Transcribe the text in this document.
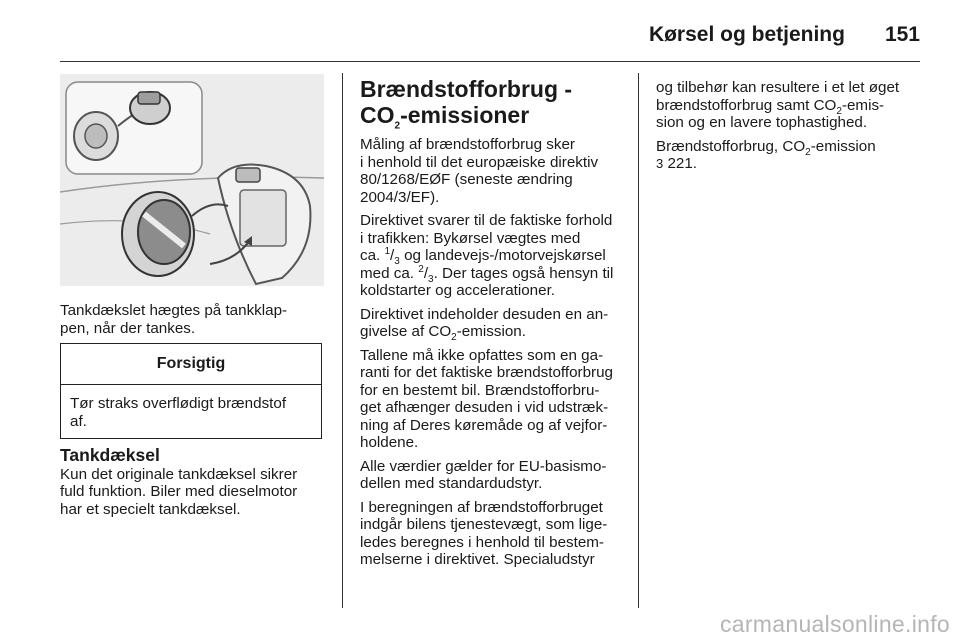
Kørsel og betjening 151
Tankdækslet hægtes på tankklap-
pen, når der tankes.
Forsigtig
Tør straks overflødigt brændstof
af.
Tankdæksel
Kun det originale tankdæksel sikrer
fuld funktion. Biler med dieselmotor
har et specielt tankdæksel.
Brændstofforbrug -
$CO_2$-emissioner

Måling af brændstofforbrug sker
i henhold til det europæiske direktiv
80/1268/EØF (seneste ændring
2004/3/EF).

Direktivet svarer til de faktiske forhold
i trafikken: Bykørsel vægtes med
ca. $^1/_3$ og landevejs-/motorvejskørsel
med ca. $^2/_3$. Der tages også hensyn til
koldstarter og accelerationer.

Direktivet indeholder desuden en an-
givelse af $CO_2$-emission.

Tallene må ikke opfattes som en ga-
ranti for det faktiske brændstofforbrug
for en bestemt bil. Brændstofforbru-
get afhænger desuden i vid udstræk-
ning af Deres køremåde og af vejfor-
holdene.

Alle værdier gælder for EU-basismo-
dellen med standardudstyr.

I beregningen af brændstofforbruget
indgår bilens tjenestevægt, som lige-
ledes beregnes i henhold til bestem-
melserne i direktivet. Specialudstyr

og tilbehør kan resultere i et let øget
brændstofforbrug samt $CO_2-emis-$
sion og en lavere tophastighed.

Brændstofforbrug, $CO_2$-emission
3 221.

carmanualsonline.info
